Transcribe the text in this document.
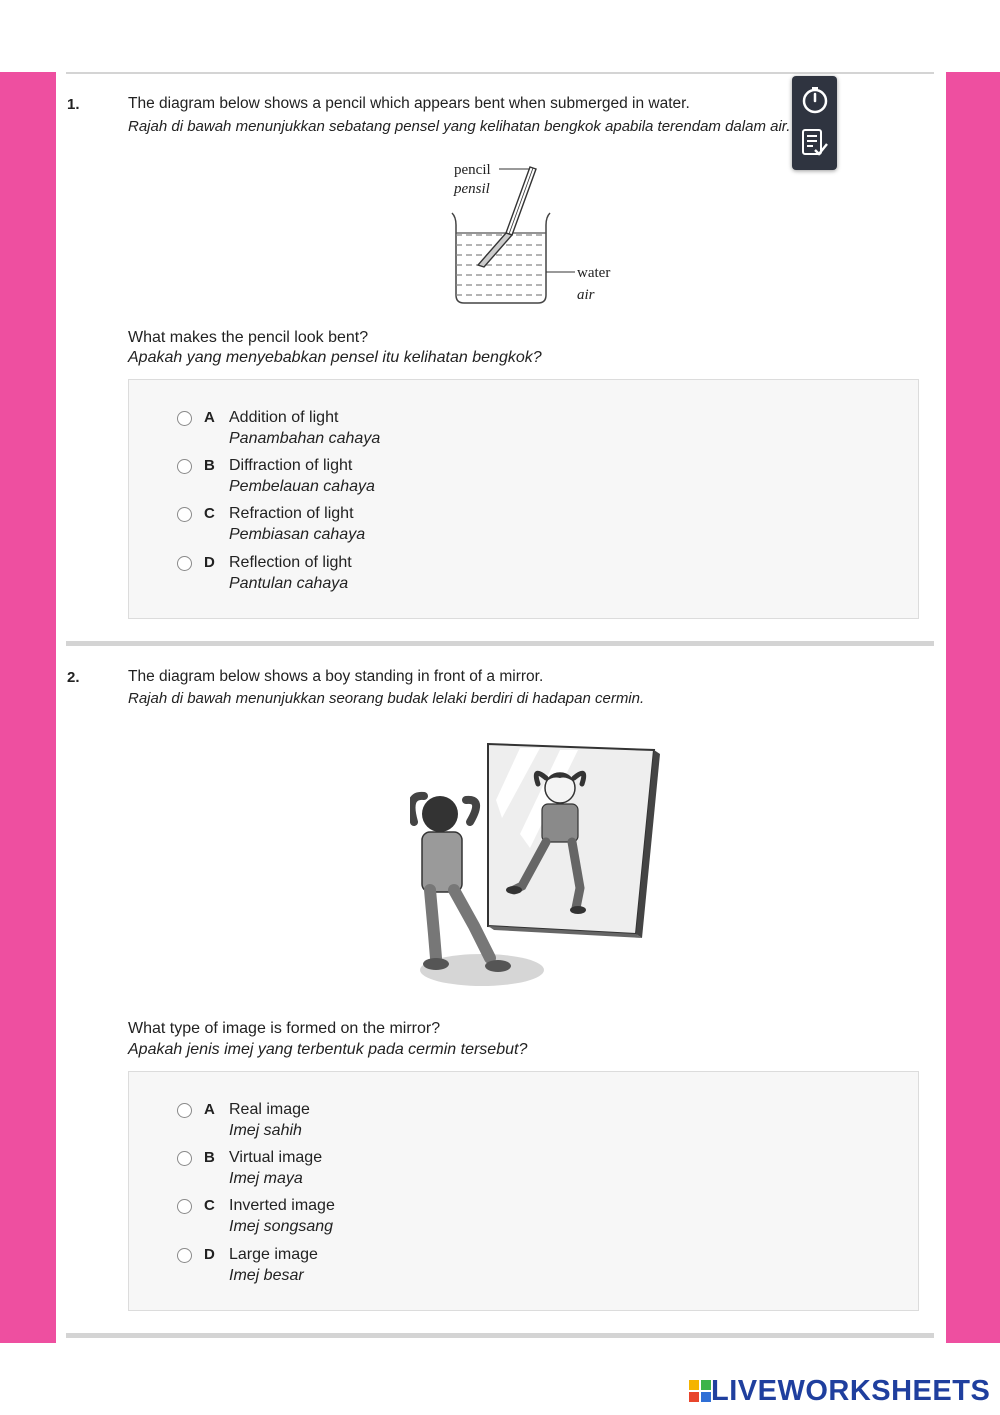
1.	The diagram below shows a pencil which appears bent when submerged in water.
Rajah di bawah menunjukkan sebatang pensel yang kelihatan bengkok apabila terendam dalam air.
pencil
pensil
water
air
What makes the pencil look bent?
Apakah yang menyebabkan pensel itu kelihatan bengkok?
A Addition of light
Panambahan cahaya
B Diffraction of light
Pembelauan cahaya
C Refraction of light
Pembiasan cahaya
D Reflection of light
Pantulan cahaya
2.	The diagram below shows a boy standing in front of a mirror.
Rajah di bawah menunjukkan seorang budak lelaki berdiri di hadapan cermin.
What type of image is formed on the mirror?
Apakah jenis imej yang terbentuk pada cermin tersebut?
A Real image
Imej sahih
B Virtual image
Imej maya
C Inverted image
Imej songsang
D Large image
Imej besar
LIVEWORKSHEETS
